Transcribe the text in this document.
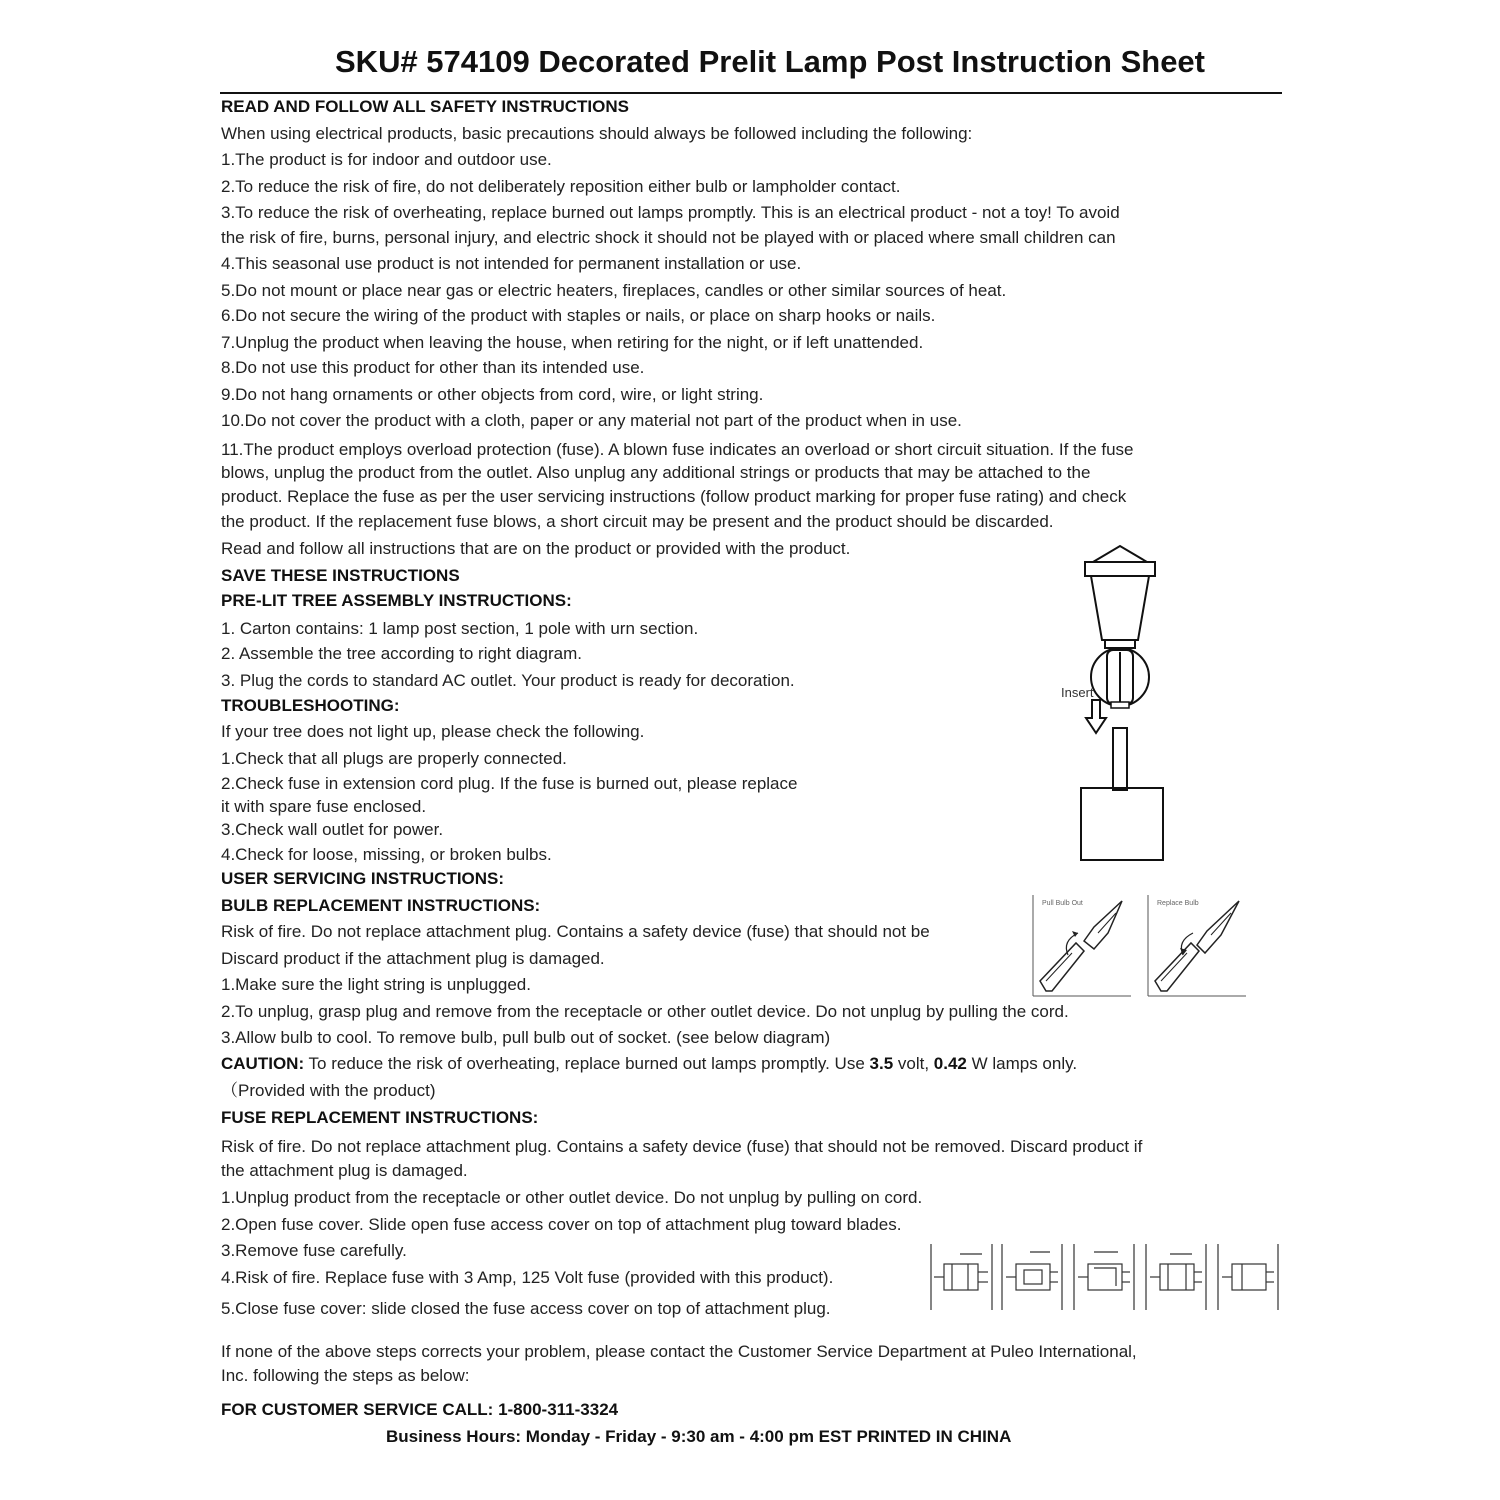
SKU# 574109 Decorated Prelit Lamp Post Instruction Sheet
READ AND FOLLOW ALL SAFETY INSTRUCTIONS
When using electrical products, basic precautions should always be followed including the following:
1.The product is for indoor and outdoor use.
2.To reduce the risk of fire, do not deliberately reposition either bulb or lampholder contact.
3.To reduce the risk of overheating, replace burned out lamps promptly. This is an electrical product - not a toy! To avoid
the risk of fire, burns, personal injury, and electric shock it should not be played with or placed where small children can
4.This seasonal use product is not intended for permanent installation or use.
5.Do not mount or place near gas or electric heaters, fireplaces, candles or other similar sources of heat.
6.Do not secure the wiring of the product with staples or nails, or place on sharp hooks or nails.
7.Unplug the product when leaving the house, when retiring for the night, or if left unattended.
8.Do not use this product for other than its intended use.
9.Do not hang ornaments or other objects from cord, wire, or light string.
10.Do not cover the product with a cloth, paper or any material not part of the product when in use.
11.The product employs overload protection (fuse). A blown fuse indicates an overload or short circuit situation. If the fuse
blows, unplug the product from the outlet. Also unplug any additional strings or products that may be attached to the
product. Replace the fuse as per the user servicing instructions (follow product marking for proper fuse rating) and check
the product. If the replacement fuse blows, a short circuit may be present and the product should be discarded.
Read and follow all instructions that are on the product or provided with the product.
SAVE THESE INSTRUCTIONS
PRE-LIT TREE ASSEMBLY INSTRUCTIONS:
1. Carton contains: 1 lamp post section, 1 pole with urn section.
2. Assemble the tree according to right diagram.
3. Plug the cords to standard AC outlet. Your product is ready for decoration.
Insert
TROUBLESHOOTING:
If your tree does not light up, please check the following.
1.Check that all plugs are properly connected.
2.Check fuse in extension cord plug. If the fuse is burned out, please replace
it with spare fuse enclosed.
3.Check wall outlet for power.
4.Check for loose, missing, or broken bulbs.
USER SERVICING INSTRUCTIONS:
BULB REPLACEMENT INSTRUCTIONS:
Risk of fire. Do not replace attachment plug. Contains a safety device (fuse) that should not be
Discard product if the attachment plug is damaged.
1.Make sure the light string is unplugged.
2.To unplug, grasp plug and remove from the receptacle or other outlet device. Do not unplug by pulling the cord.
3.Allow bulb to cool. To remove bulb, pull bulb out of socket. (see below diagram)
Pull Bulb Out	Replace Bulb
CAUTION: To reduce the risk of overheating, replace burned out lamps promptly. Use 3.5 volt, 0.42 W lamps only.
（Provided with the product)
FUSE REPLACEMENT INSTRUCTIONS:
Risk of fire. Do not replace attachment plug. Contains a safety device (fuse) that should not be removed. Discard product if
the attachment plug is damaged.
1.Unplug product from the receptacle or other outlet device. Do not unplug by pulling on cord.
2.Open fuse cover. Slide open fuse access cover on top of attachment plug toward blades.
3.Remove fuse carefully.
4.Risk of fire. Replace fuse with 3 Amp, 125 Volt fuse (provided with this product).
5.Close fuse cover: slide closed the fuse access cover on top of attachment plug.
If none of the above steps corrects your problem, please contact the Customer Service Department at Puleo International,
Inc. following the steps as below:
FOR CUSTOMER SERVICE CALL: 1-800-311-3324
Business Hours: Monday - Friday - 9:30 am - 4:00 pm EST PRINTED IN CHINA
